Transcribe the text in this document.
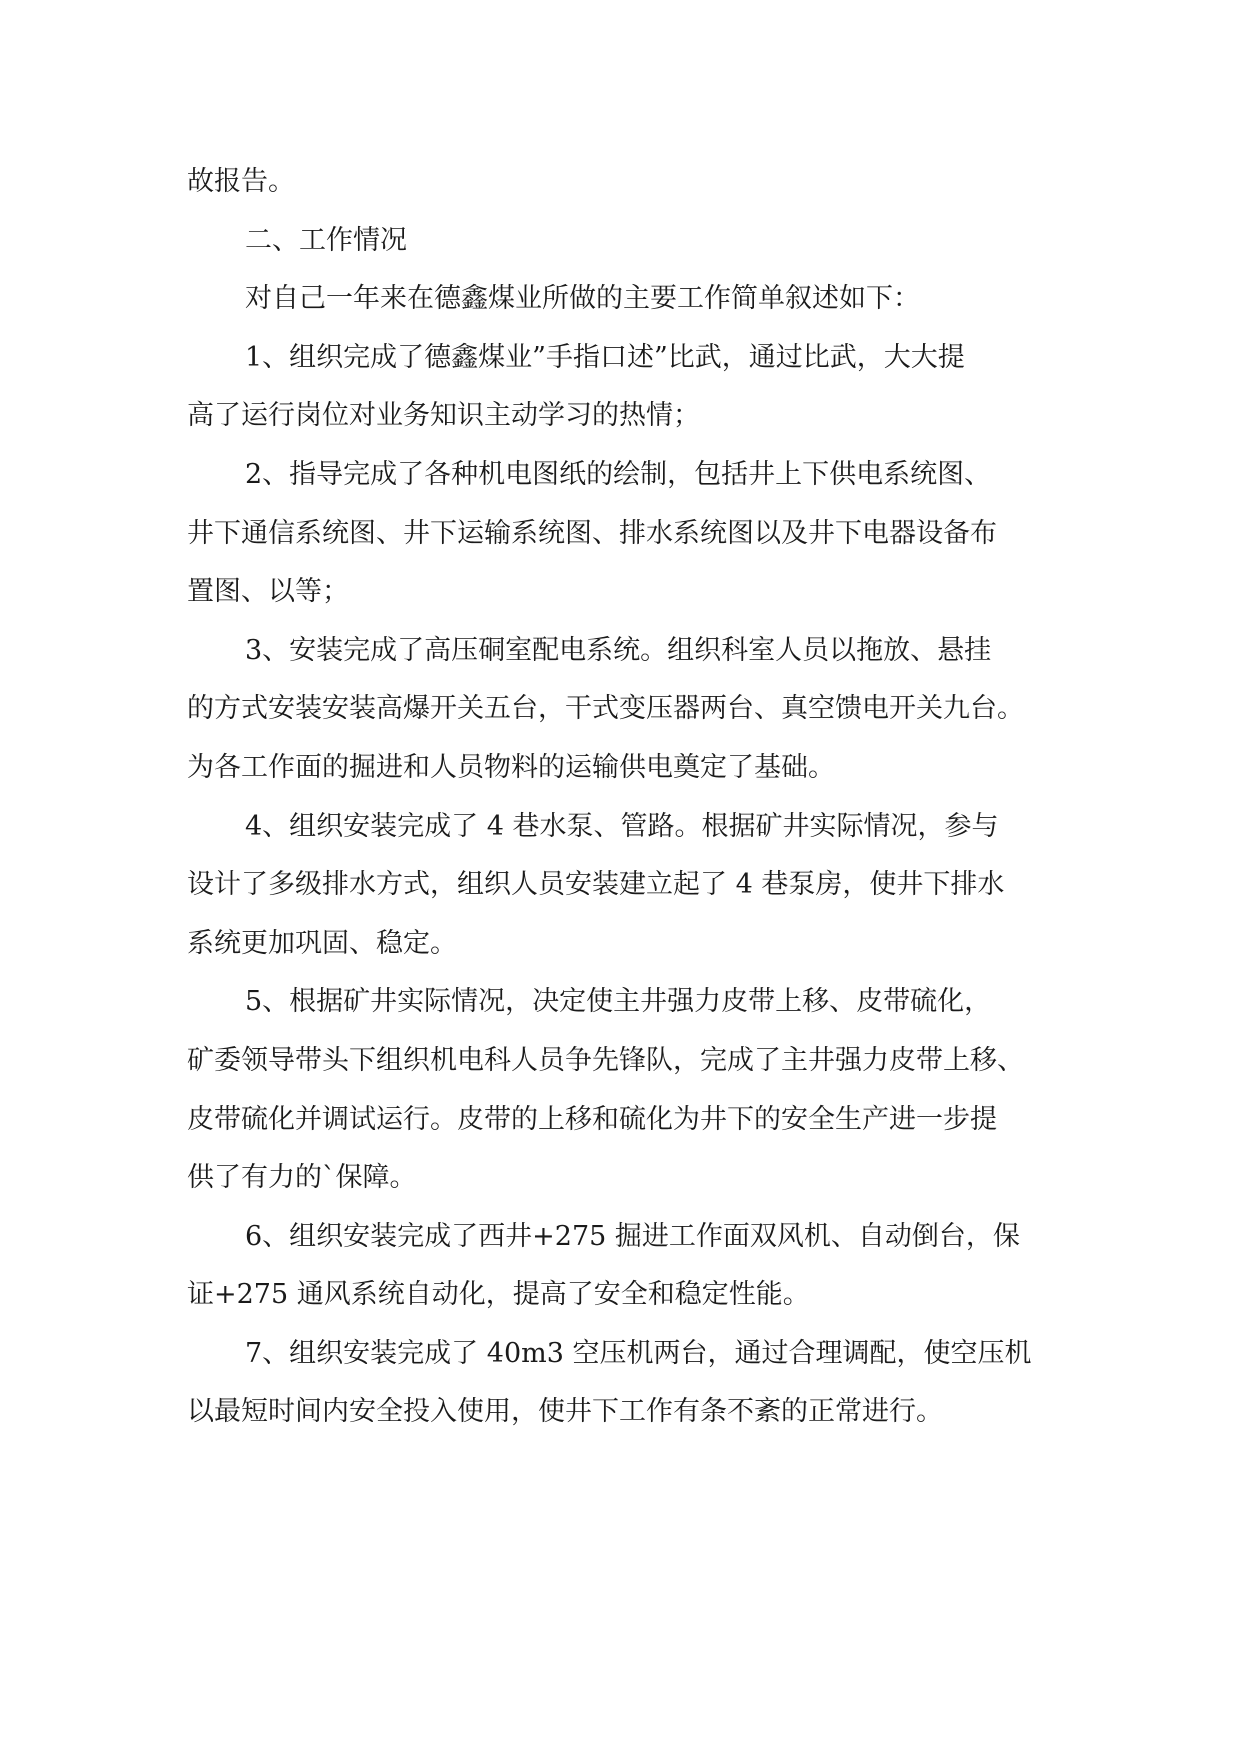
故报告。

二、工作情况

对自己一年来在德鑫煤业所做的主要工作简单叙述如下：

1、组织完成了德鑫煤业”手指口述”比武，通过比武，大大提
高了运行岗位对业务知识主动学习的热情；

2、指导完成了各种机电图纸的绘制，包括井上下供电系统图、
井下通信系统图、井下运输系统图、排水系统图以及井下电器设备布
置图、以等；

3、安装完成了高压硐室配电系统。组织科室人员以拖放、悬挂
的方式安装安装高爆开关五台，干式变压器两台、真空馈电开关九台。
为各工作面的掘进和人员物料的运输供电奠定了基础。

4、组织安装完成了 4 巷水泵、管路。根据矿井实际情况，参与
设计了多级排水方式，组织人员安装建立起了 4 巷泵房，使井下排水
系统更加巩固、稳定。

5、根据矿井实际情况，决定使主井强力皮带上移、皮带硫化，
矿委领导带头下组织机电科人员争先锋队，完成了主井强力皮带上移、
皮带硫化并调试运行。皮带的上移和硫化为井下的安全生产进一步提
供了有力的`保障。

6、组织安装完成了西井+275 掘进工作面双风机、自动倒台，保
证+275 通风系统自动化，提高了安全和稳定性能。

7、组织安装完成了 40m3 空压机两台，通过合理调配，使空压机
以最短时间内安全投入使用，使井下工作有条不紊的正常进行。
